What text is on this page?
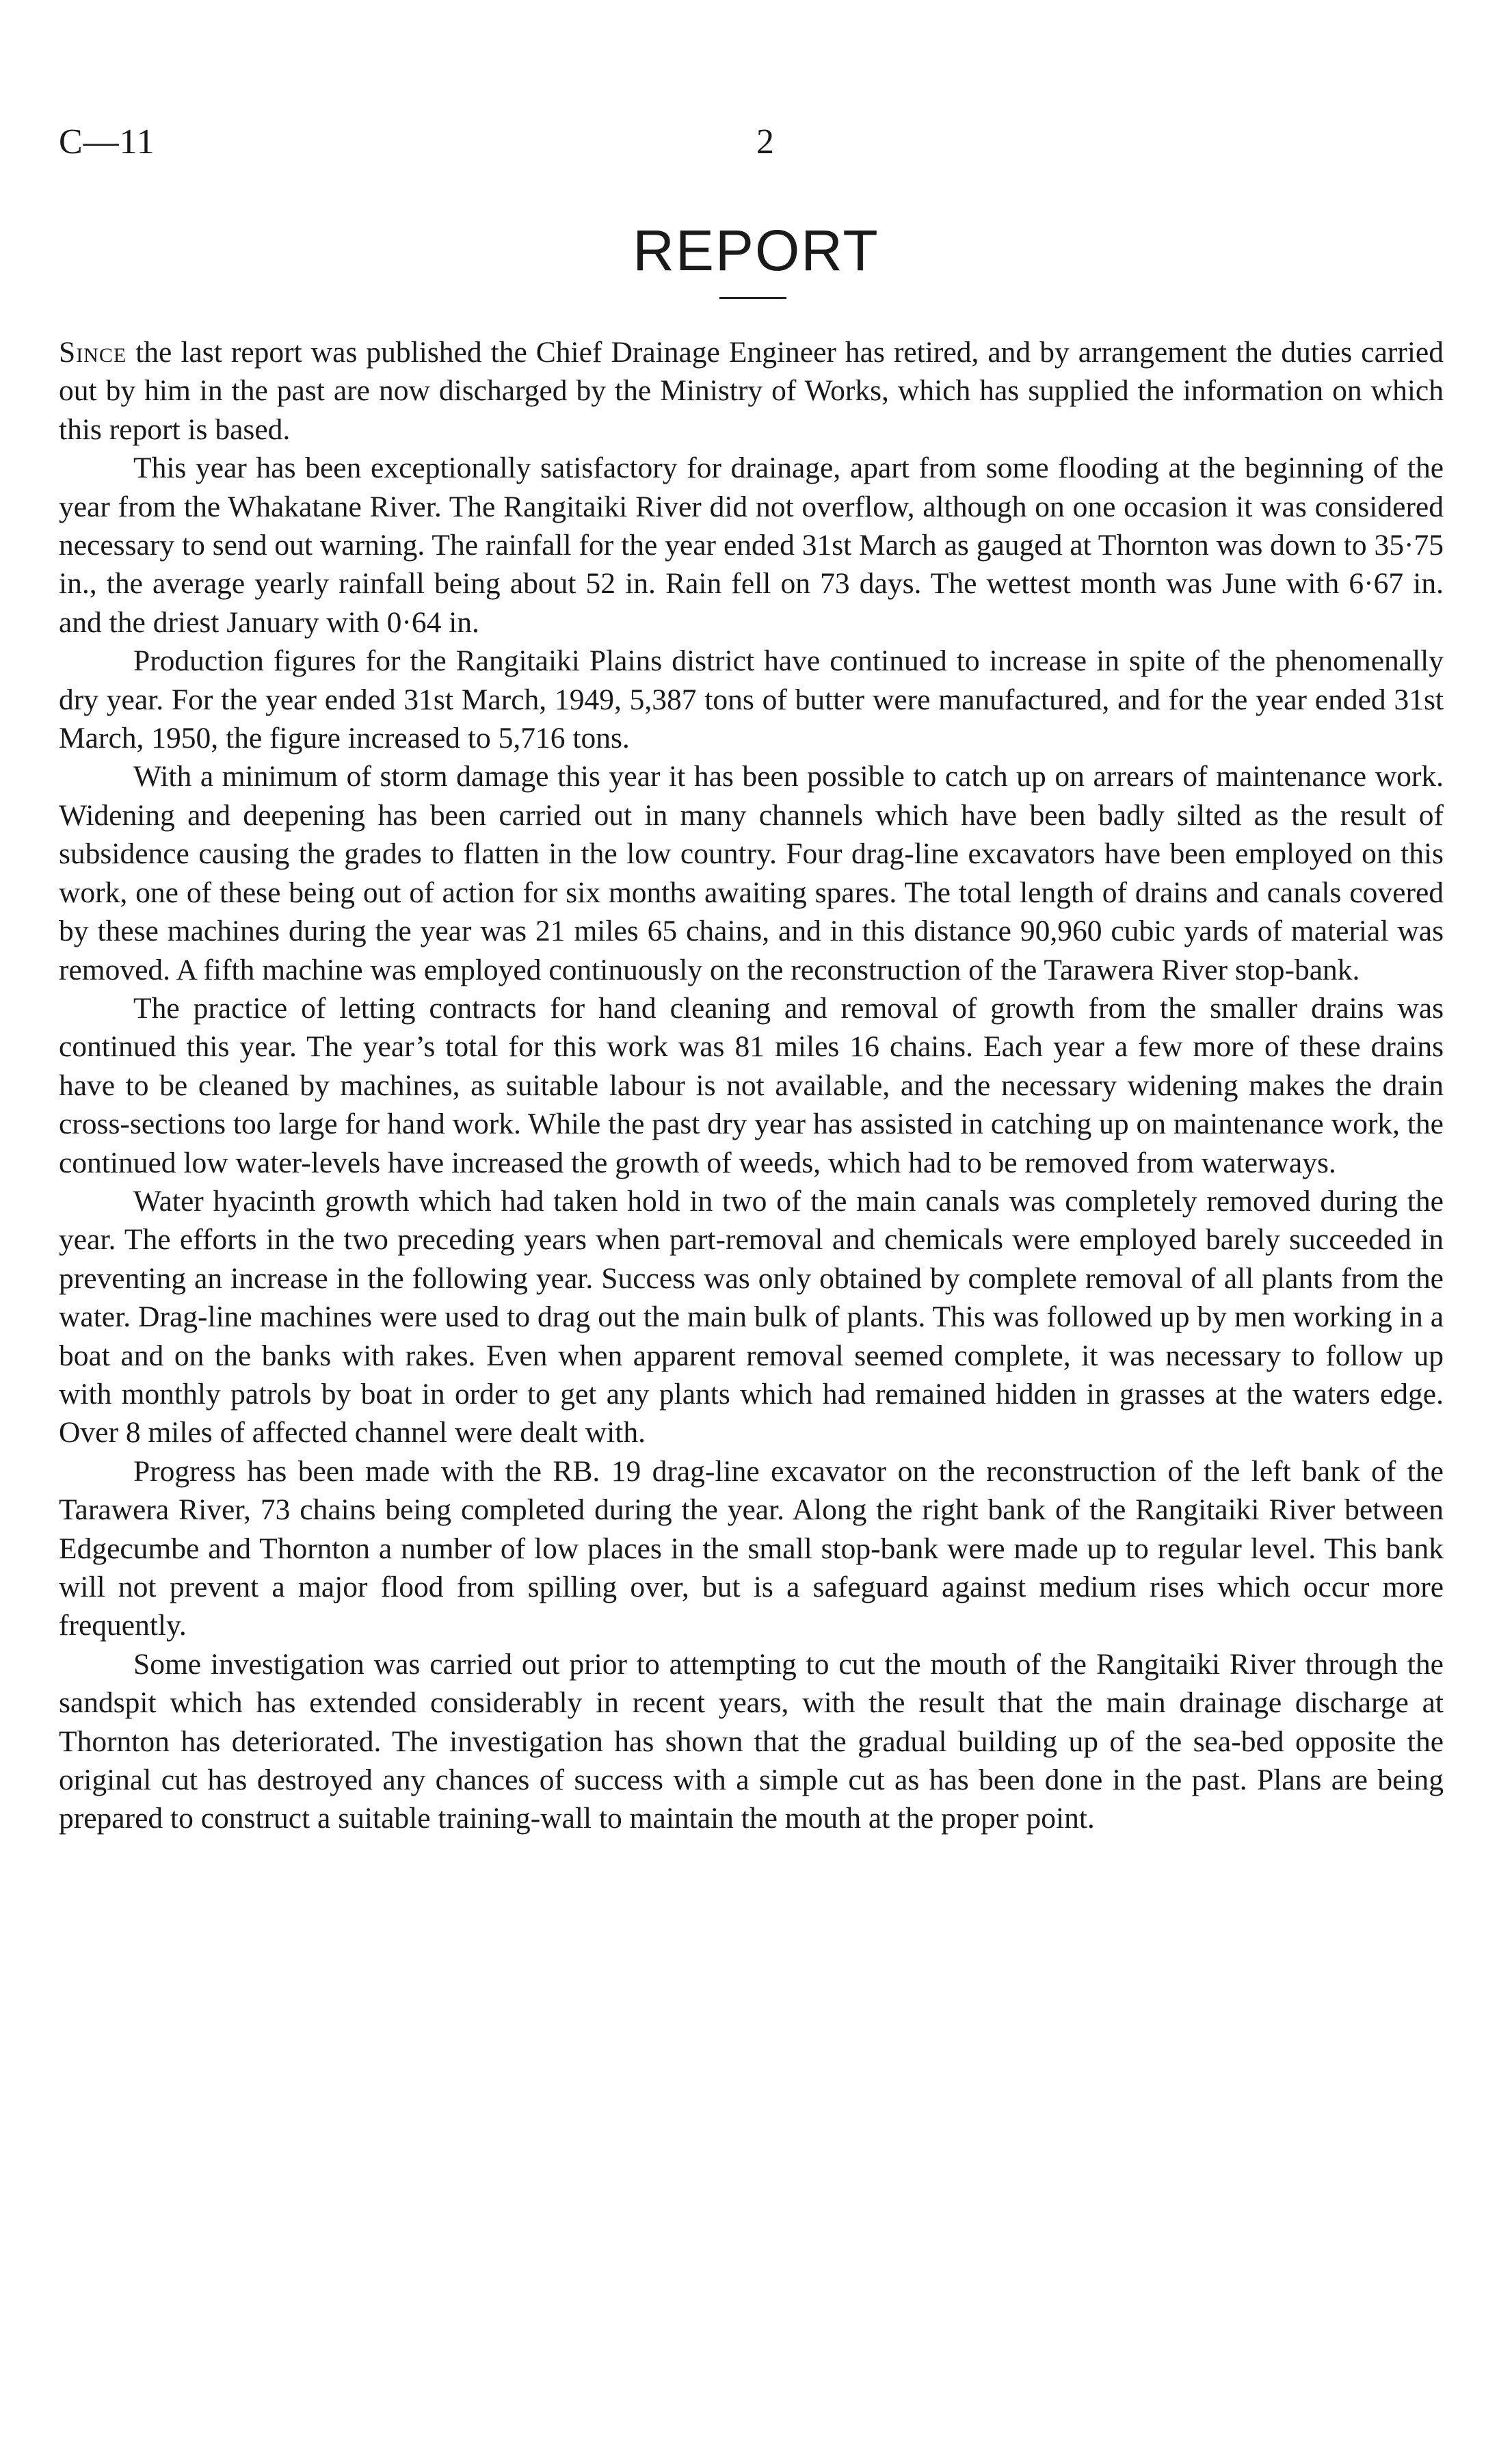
C—11	2
REPORT

Since the last report was published the Chief Drainage Engineer has retired, and by arrangement the duties carried out by him in the past are now discharged by the Ministry of Works, which has supplied the information on which this report is based.

This year has been exceptionally satisfactory for drainage, apart from some flooding at the beginning of the year from the Whakatane River. The Rangitaiki River did not overflow, although on one occasion it was considered necessary to send out warning. The rainfall for the year ended 31st March as gauged at Thornton was down to 35·75 in., the average yearly rainfall being about 52 in. Rain fell on 73 days. The wettest month was June with 6·67 in. and the driest January with 0·64 in.

Production figures for the Rangitaiki Plains district have continued to increase in spite of the phenomenally dry year. For the year ended 31st March, 1949, 5,387 tons of butter were manufactured, and for the year ended 31st March, 1950, the figure increased to 5,716 tons.

With a minimum of storm damage this year it has been possible to catch up on arrears of maintenance work. Widening and deepening has been carried out in many channels which have been badly silted as the result of subsidence causing the grades to flatten in the low country. Four drag-line excavators have been employed on this work, one of these being out of action for six months awaiting spares. The total length of drains and canals covered by these machines during the year was 21 miles 65 chains, and in this distance 90,960 cubic yards of material was removed. A fifth machine was employed continuously on the reconstruction of the Tarawera River stop-bank.

The practice of letting contracts for hand cleaning and removal of growth from the smaller drains was continued this year. The year’s total for this work was 81 miles 16 chains. Each year a few more of these drains have to be cleaned by machines, as suitable labour is not available, and the necessary widening makes the drain cross-sections too large for hand work. While the past dry year has assisted in catching up on maintenance work, the continued low water-levels have increased the growth of weeds, which had to be removed from waterways.

Water hyacinth growth which had taken hold in two of the main canals was completely removed during the year. The efforts in the two preceding years when part-removal and chemicals were employed barely succeeded in preventing an increase in the following year. Success was only obtained by complete removal of all plants from the water. Drag-line machines were used to drag out the main bulk of plants. This was followed up by men working in a boat and on the banks with rakes. Even when apparent removal seemed complete, it was necessary to follow up with monthly patrols by boat in order to get any plants which had remained hidden in grasses at the waters edge. Over 8 miles of affected channel were dealt with.

Progress has been made with the RB. 19 drag-line excavator on the reconstruction of the left bank of the Tarawera River, 73 chains being completed during the year. Along the right bank of the Rangitaiki River between Edgecumbe and Thornton a number of low places in the small stop-bank were made up to regular level. This bank will not prevent a major flood from spilling over, but is a safeguard against medium rises which occur more frequently.

Some investigation was carried out prior to attempting to cut the mouth of the Rangitaiki River through the sandspit which has extended considerably in recent years, with the result that the main drainage discharge at Thornton has deteriorated. The investigation has shown that the gradual building up of the sea-bed opposite the original cut has destroyed any chances of success with a simple cut as has been done in the past. Plans are being prepared to construct a suitable training-wall to maintain the mouth at the proper point.
